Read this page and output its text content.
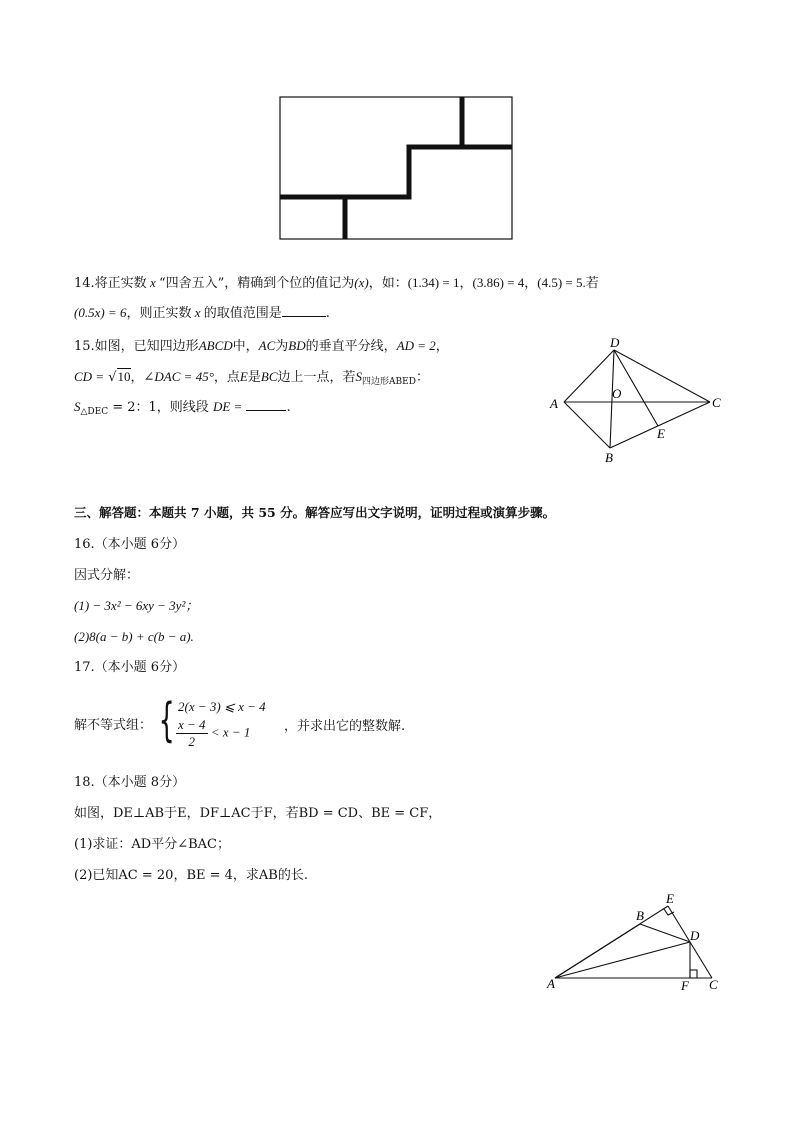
14.将正实数 x “四舍五入”，精确到个位的值记为(x)，如：(1.34) = 1，(3.86) = 4，(4.5) = 5.若
(0.5x) = 6，则正实数 x 的取值范围是	.
15.如图，已知四边形ABCD中，AC为BD的垂直平分线，AD = 2，
CD = √10，∠DAC = 45°，点E是BC边上一点，若$S_{四边形ABED}$：
$S_{\triangle DEC} = 2$：1，则线段 DE =	.
D
A
O
C
E
B
三、解答题：本题共 7 小题，共 55 分。解答应写出文字说明，证明过程或演算步骤。
16.（本小题 6分）
因式分解：
(1) − 3x² − 6xy − 3y²；
(2)8(a − b) + c(b − a).
17.（本小题 6分）
解不等式组： { 2(x − 3) ⩽ x − 4
$\frac{x - 4}{2} < x - 1$	，并求出它的整数解.
18.（本小题 8分）
如图，DE⊥AB于E，DF⊥AC于F，若BD = CD、BE = CF，
(1)求证：AD平分∠BAC；
(2)已知AC = 20，BE = 4，求AB的长.
E
B
D
A	F C
